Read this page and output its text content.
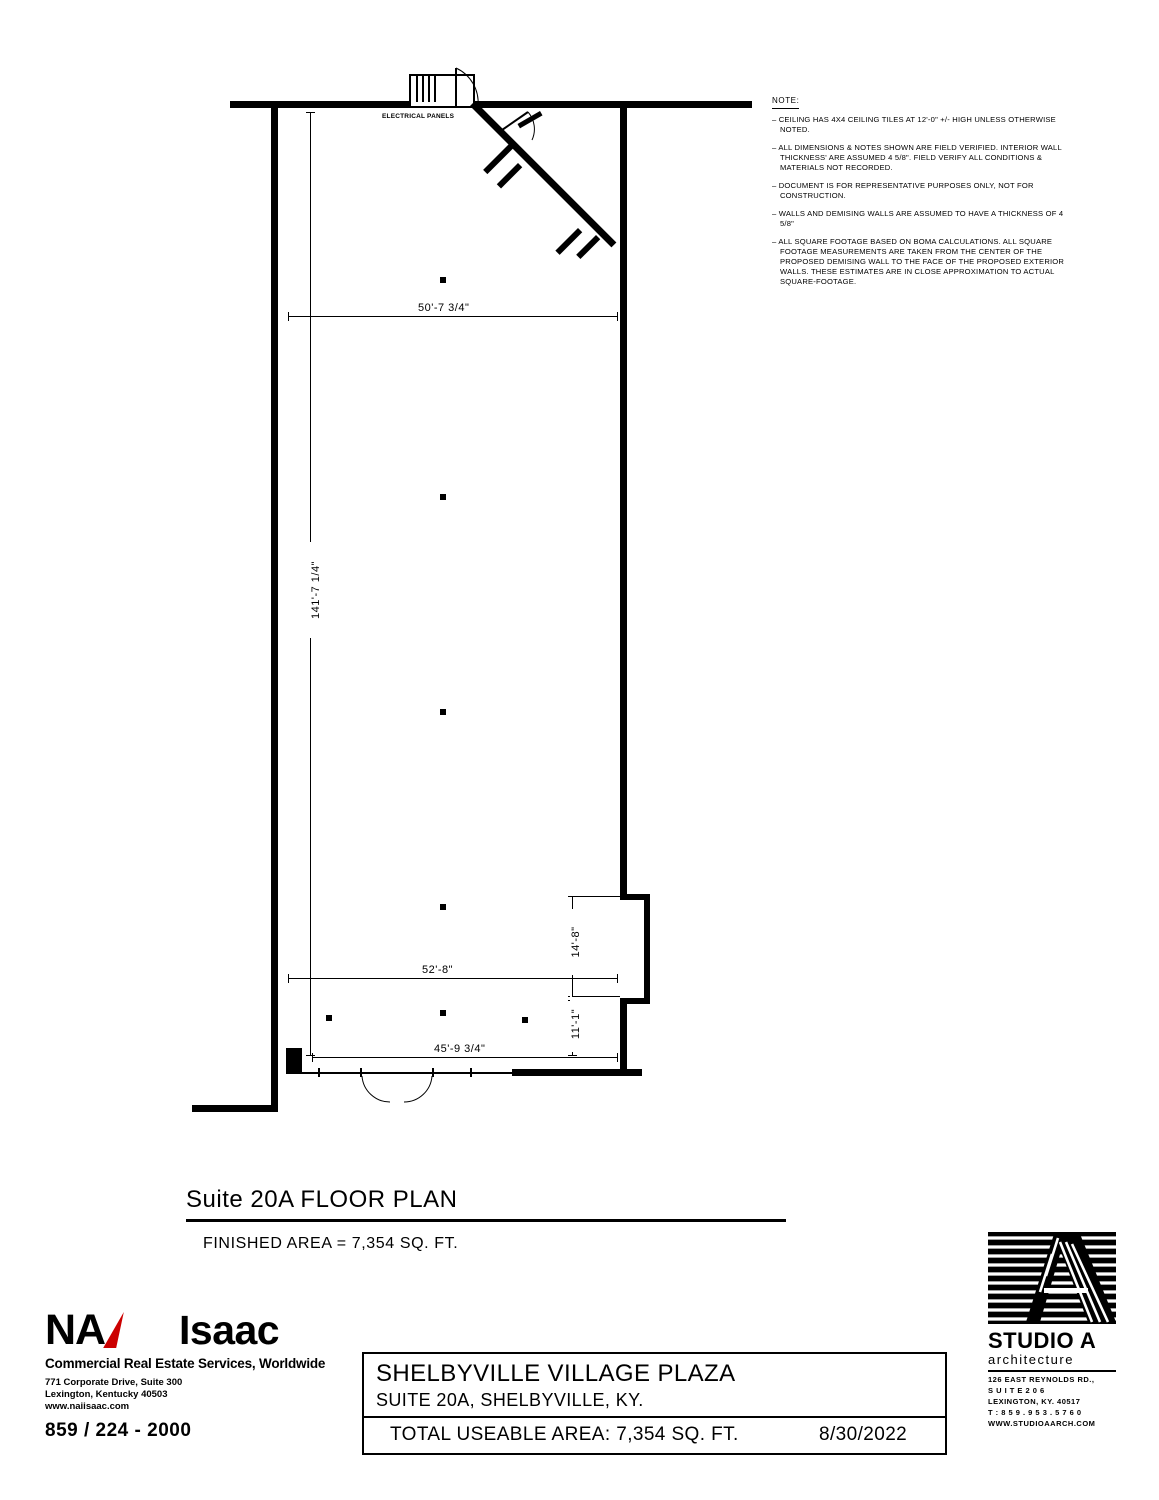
NOTE:
– CEILING HAS 4X4 CEILING TILES AT 12'-0" +/- HIGH UNLESS OTHERWISE NOTED.
– ALL DIMENSIONS & NOTES SHOWN ARE FIELD VERIFIED. INTERIOR WALL THICKNESS' ARE ASSUMED 4 5/8". FIELD VERIFY ALL CONDITIONS & MATERIALS NOT RECORDED.
– DOCUMENT IS FOR REPRESENTATIVE PURPOSES ONLY, NOT FOR CONSTRUCTION.
– WALLS AND DEMISING WALLS ARE ASSUMED TO HAVE A THICKNESS OF 4 5/8"
– ALL SQUARE FOOTAGE BASED ON BOMA CALCULATIONS. ALL SQUARE FOOTAGE MEASUREMENTS ARE TAKEN FROM THE CENTER OF THE PROPOSED DEMISING WALL TO THE FACE OF THE PROPOSED EXTERIOR WALLS. THESE ESTIMATES ARE IN CLOSE APPROXIMATION TO ACTUAL SQUARE-FOOTAGE.
ELECTRICAL PANELS
50'-7 3/4"
141'-7 1/4"
52'-8"
45'-9 3/4"
14'-8"
11'-1"
Suite 20A FLOOR PLAN
FINISHED AREA = 7,354 SQ. FT.
NA Isaac
Commercial Real Estate Services, Worldwide
771 Corporate Drive, Suite 300
Lexington, Kentucky 40503
www.naiisaac.com
859 / 224 - 2000
SHELBYVILLE VILLAGE PLAZA
SUITE 20A, SHELBYVILLE, KY.
TOTAL USEABLE AREA: 7,354 SQ. FT.	8/30/2022
STUDIO A
architecture
126 EAST REYNOLDS RD.,
S U I T E 2 0 6
LEXINGTON, KY. 40517
T : 8 5 9 . 9 5 3 . 5 7 6 0
WWW.STUDIOAARCH.COM
